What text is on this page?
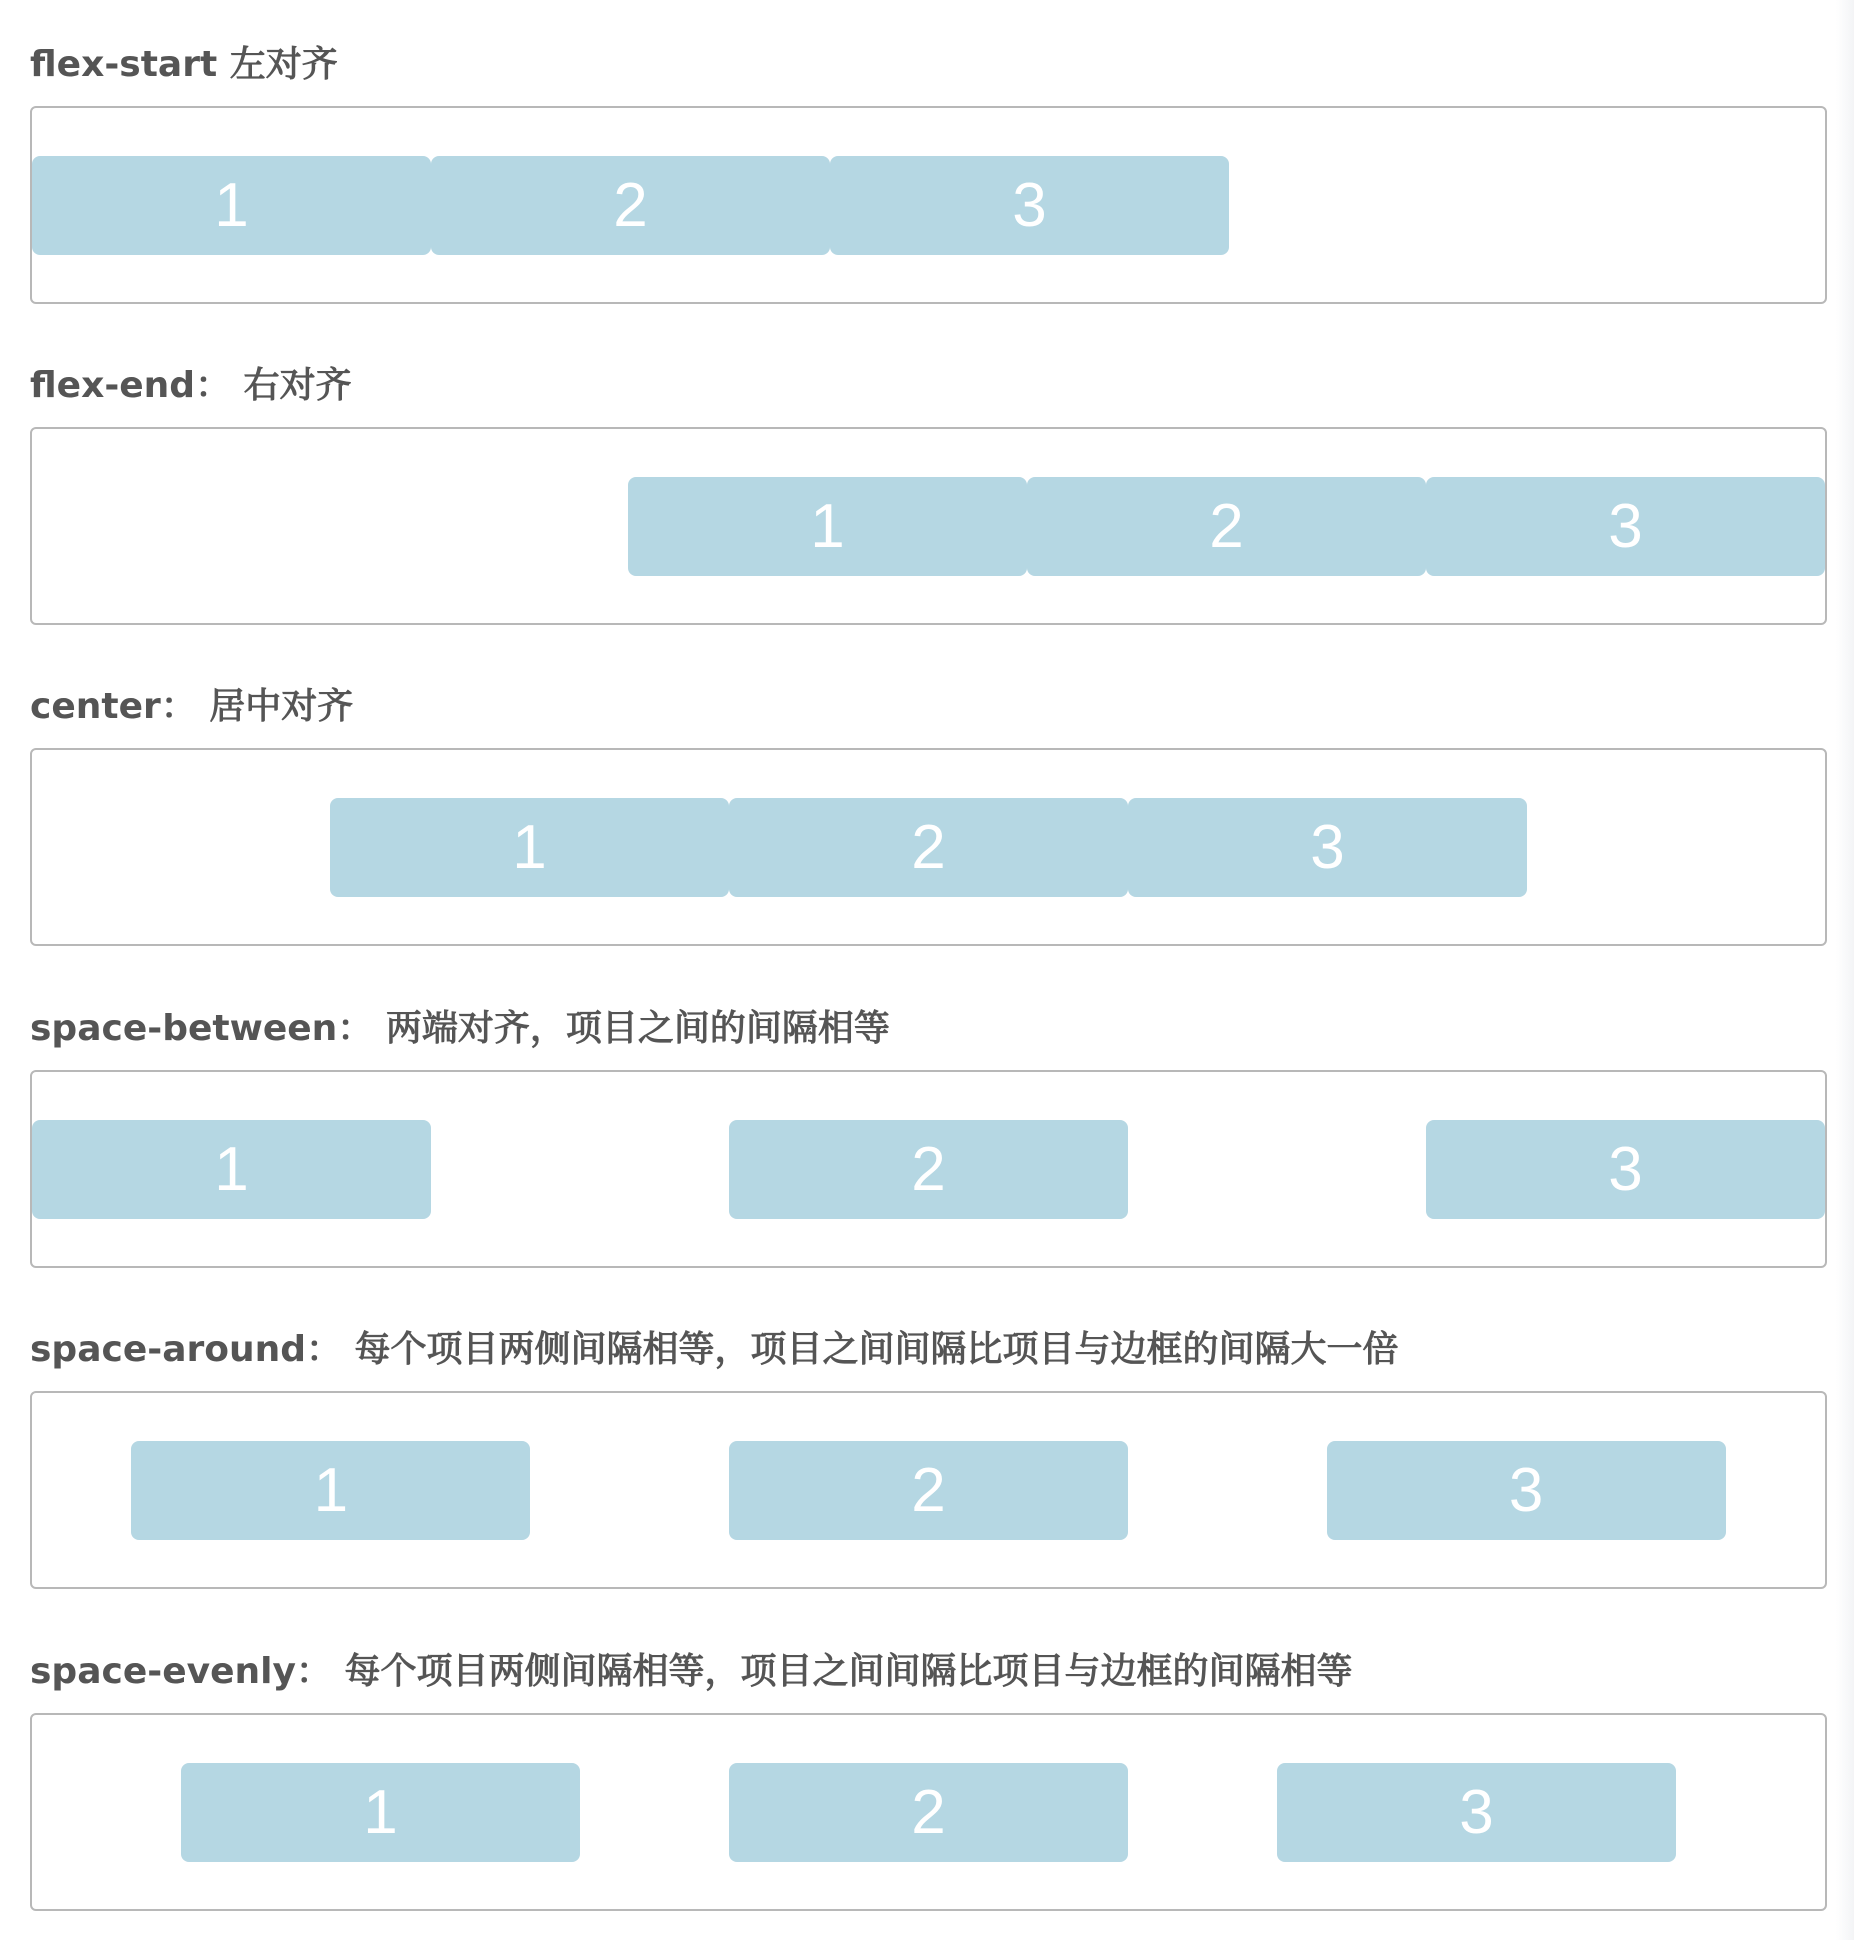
flex-start 左对齐
1	2	3
flex-end： 右对齐
1	2	3
center： 居中对齐
1	2	3
space-between： 两端对齐，项目之间的间隔相等
1	2	3
space-around： 每个项目两侧间隔相等，项目之间间隔比项目与边框的间隔大一倍
1	2	3
space-evenly： 每个项目两侧间隔相等，项目之间间隔比项目与边框的间隔相等
1	2	3
